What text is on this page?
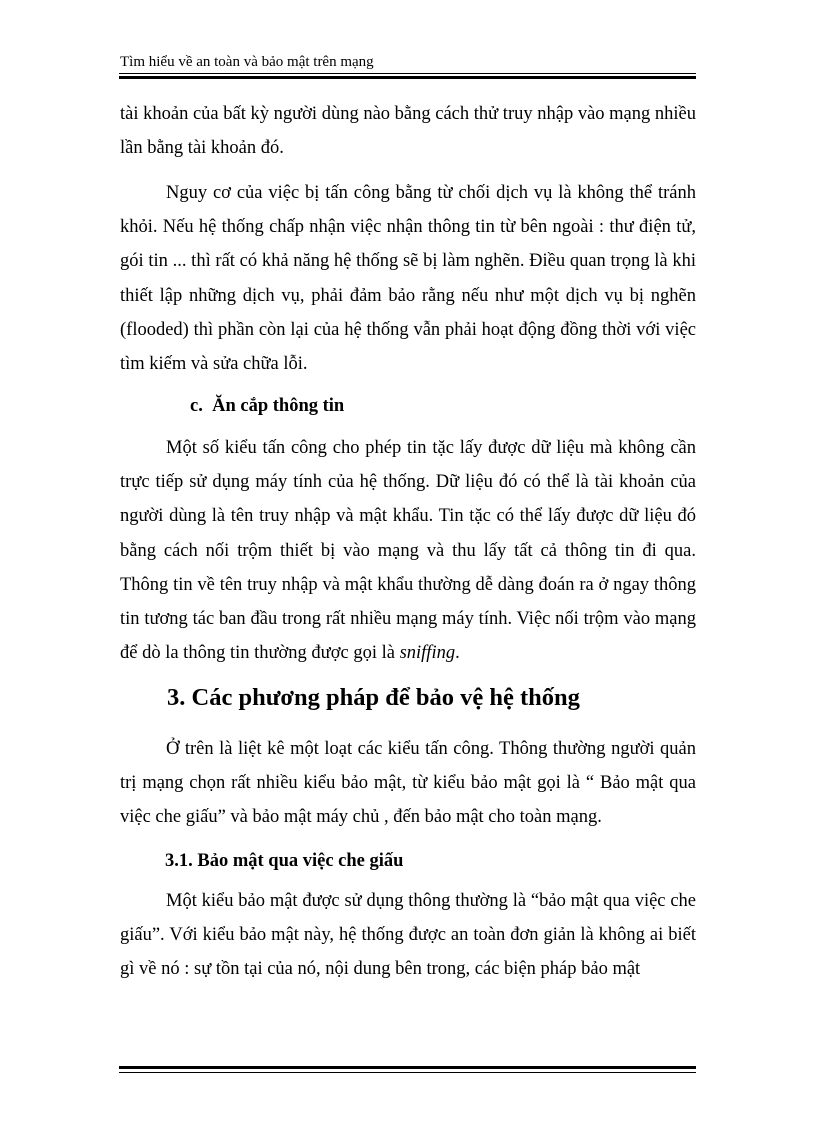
Tìm hiểu về an toàn và bảo mật trên mạng

tài khoản của bất kỳ người dùng nào bằng cách thử truy nhập vào mạng nhiều lần bằng tài khoản đó.

Nguy cơ của việc bị tấn công bằng từ chối dịch vụ là không thể tránh khỏi. Nếu hệ thống chấp nhận việc nhận thông tin từ bên ngoài : thư điện tử, gói tin ... thì rất có khả năng hệ thống sẽ bị làm nghẽn. Điều quan trọng là khi thiết lập những dịch vụ, phải đảm bảo rằng nếu như một dịch vụ bị nghẽn (flooded) thì phần còn lại của hệ thống vẫn phải hoạt động đồng thời với việc tìm kiếm và sửa chữa lỗi.

c. Ăn cắp thông tin

Một số kiểu tấn công cho phép tin tặc lấy được dữ liệu mà không cần trực tiếp sử dụng máy tính của hệ thống. Dữ liệu đó có thể là tài khoản của người dùng là tên truy nhập và mật khẩu. Tin tặc có thể lấy được dữ liệu đó bằng cách nối trộm thiết bị vào mạng và thu lấy tất cả thông tin đi qua. Thông tin về tên truy nhập và mật khẩu thường dễ dàng đoán ra ở ngay thông tin tương tác ban đầu trong rất nhiều mạng máy tính. Việc nối trộm vào mạng để dò la thông tin thường được gọi là sniffing.

3. Các phương pháp để bảo vệ hệ thống

Ở trên là liệt kê một loạt các kiểu tấn công. Thông thường người quản trị mạng chọn rất nhiều kiểu bảo mật, từ kiểu bảo mật gọi là “ Bảo mật qua việc che giấu” và bảo mật máy chủ , đến bảo mật cho toàn mạng.

3.1. Bảo mật qua việc che giấu

Một kiểu bảo mật được sử dụng thông thường là “bảo mật qua việc che giấu”. Với kiểu bảo mật này, hệ thống được an toàn đơn giản là không ai biết gì về nó : sự tồn tại của nó, nội dung bên trong, các biện pháp bảo mật
